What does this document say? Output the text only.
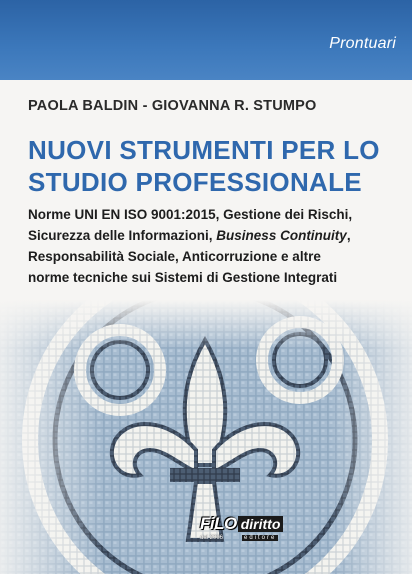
Prontuari
PAOLA BALDIN - GIOVANNA R. STUMPO
NUOVI STRUMENTI PER LO
STUDIO PROFESSIONALE
Norme UNI EN ISO 9001:2015, Gestione dei Rischi,
Sicurezza delle Informazioni, Business Continuity,
Responsabilità Sociale, Anticorruzione e altre
norme tecniche sui Sistemi di Gestione Integrati
FiLO diritto
dal 2006	editore
